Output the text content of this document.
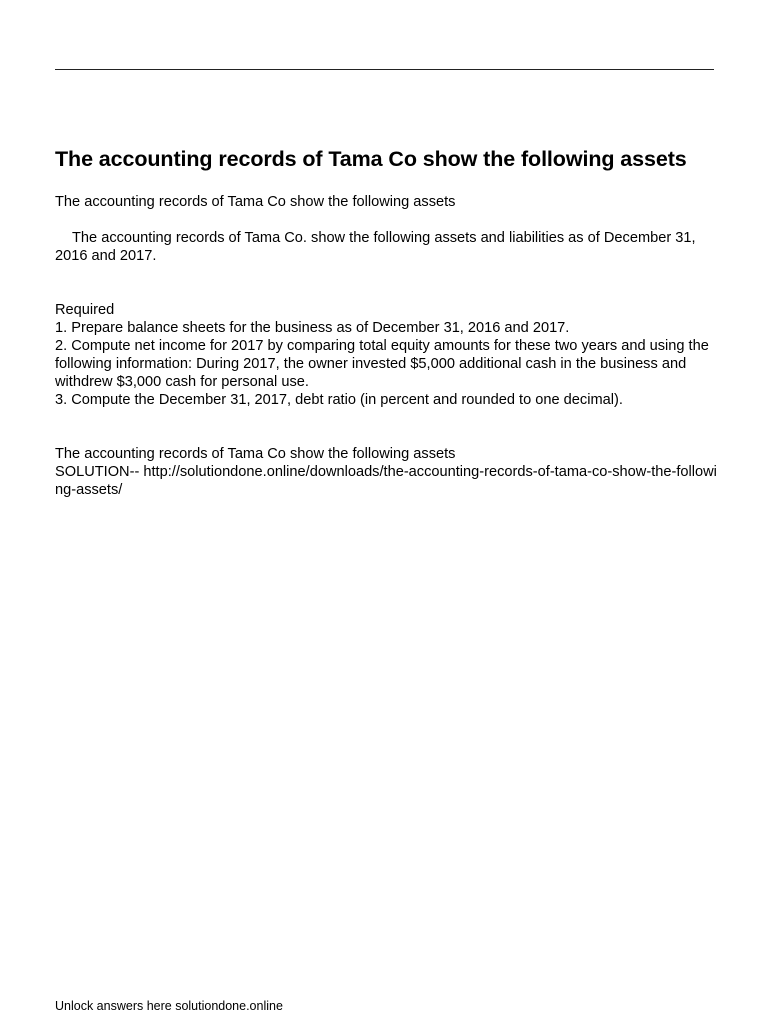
The accounting records of Tama Co show the following assets

The accounting records of Tama Co show the following assets

The accounting records of Tama Co. show the following assets and liabilities as of December 31, 2016 and 2017.

Required

1. Prepare balance sheets for the business as of December 31, 2016 and 2017.

2. Compute net income for 2017 by comparing total equity amounts for these two years and using the following information: During 2017, the owner invested $5,000 additional cash in the business and withdrew $3,000 cash for personal use.

3. Compute the December 31, 2017, debt ratio (in percent and rounded to one decimal).

The accounting records of Tama Co show the following assets

SOLUTION-- http://solutiondone.online/downloads/the-accounting-records-of-tama-co-show-the-following-assets/

Unlock answers here solutiondone.online
